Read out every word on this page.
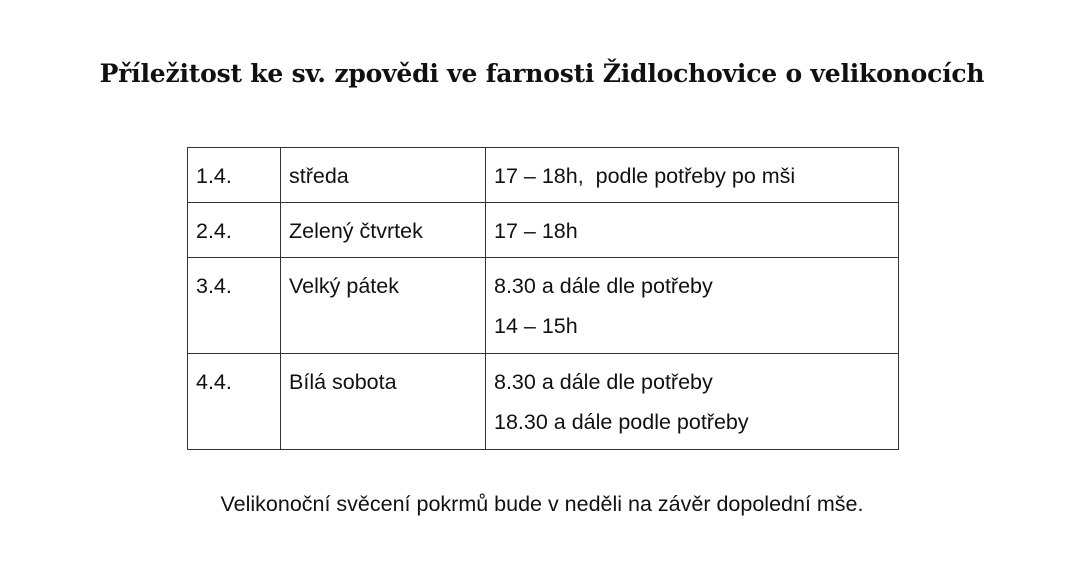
Příležitost ke sv. zpovědi ve farnosti Židlochovice o velikonocích
1.4.	středa	17 – 18h,  podle potřeby po mši

2.4.	Zelený čtvrtek	17 – 18h

3.4.	Velký pátek	8.30 a dále dle potřeby
14 – 15h

4.4.	Bílá sobota	8.30 a dále dle potřeby
18.30 a dále podle potřeby

Velikonoční svěcení pokrmů bude v neděli na závěr dopolední mše.
